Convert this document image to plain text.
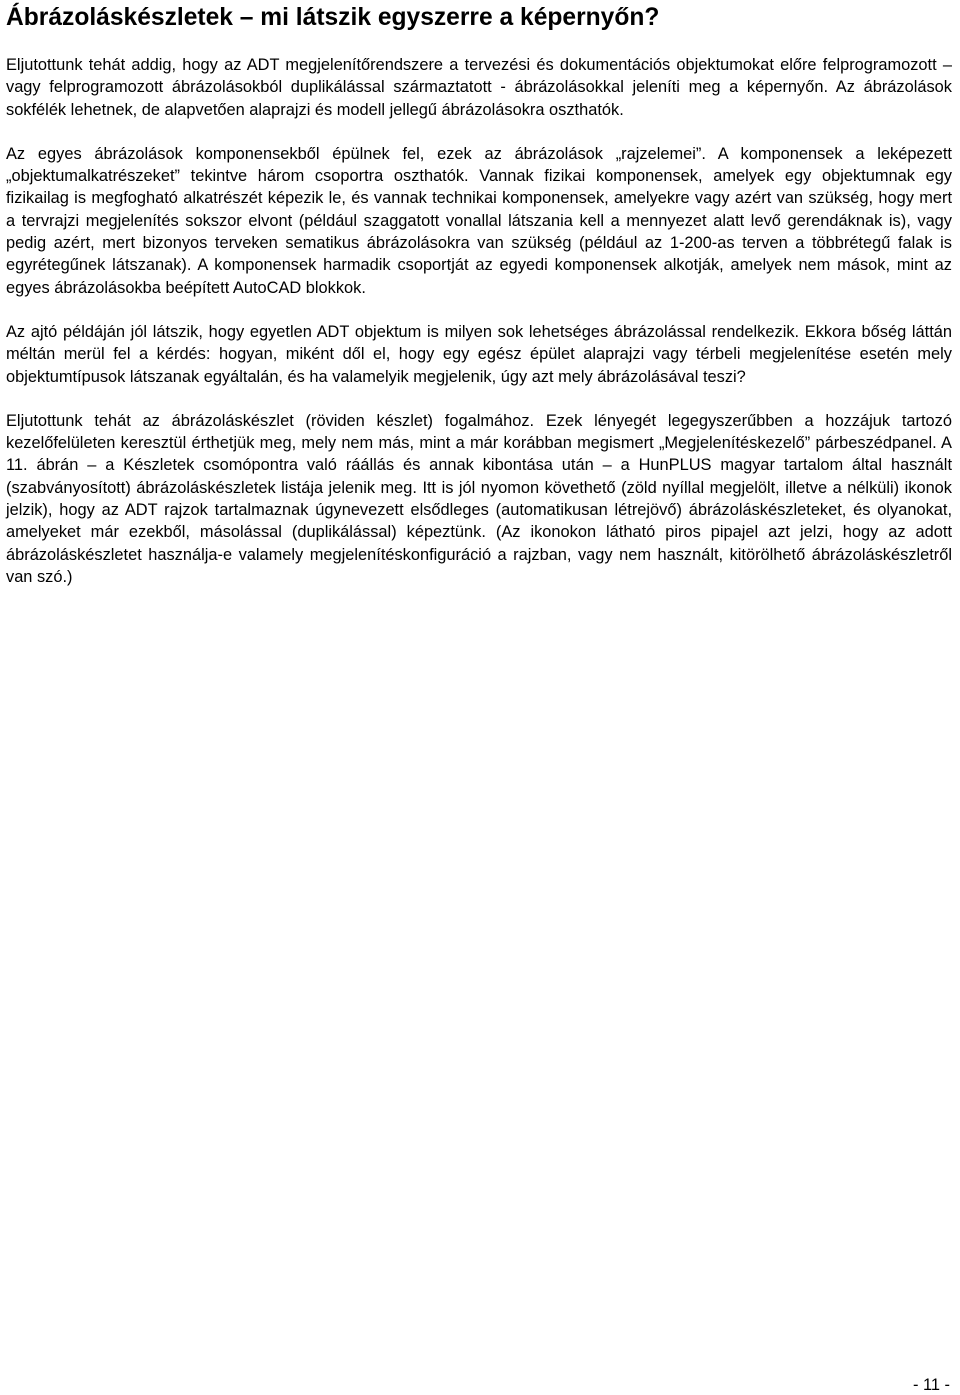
Ábrázoláskészletek – mi látszik egyszerre a képernyőn?

Eljutottunk tehát addig, hogy az ADT megjelenítőrendszere a tervezési és dokumentációs objektumokat előre felprogramozott – vagy felprogramozott ábrázolásokból duplikálással származtatott - ábrázolásokkal jeleníti meg a képernyőn. Az ábrázolások sokfélék lehetnek, de alapvetően alaprajzi és modell jellegű ábrázolásokra oszthatók.

Az egyes ábrázolások komponensekből épülnek fel, ezek az ábrázolások „rajzelemei”. A komponensek a leképezett „objektumalkatrészeket” tekintve három csoportra oszthatók. Vannak fizikai komponensek, amelyek egy objektumnak egy fizikailag is megfogható alkatrészét képezik le, és vannak technikai komponensek, amelyekre vagy azért van szükség, hogy mert a tervrajzi megjelenítés sokszor elvont (például szaggatott vonallal látszania kell a mennyezet alatt levő gerendáknak is), vagy pedig azért, mert bizonyos terveken sematikus ábrázolásokra van szükség (például az 1-200-as terven a többrétegű falak is egyrétegűnek látszanak). A komponensek harmadik csoportját az egyedi komponensek alkotják, amelyek nem mások, mint az egyes ábrázolásokba beépített AutoCAD blokkok.

Az ajtó példáján jól látszik, hogy egyetlen ADT objektum is milyen sok lehetséges ábrázolással rendelkezik. Ekkora bőség láttán méltán merül fel a kérdés: hogyan, miként dől el, hogy egy egész épület alaprajzi vagy térbeli megjelenítése esetén mely objektumtípusok látszanak egyáltalán, és ha valamelyik megjelenik, úgy azt mely ábrázolásával teszi?

Eljutottunk tehát az ábrázoláskészlet (röviden készlet) fogalmához. Ezek lényegét legegyszerűbben a hozzájuk tartozó kezelőfelületen keresztül érthetjük meg, mely nem más, mint a már korábban megismert „Megjelenítéskezelő” párbeszédpanel. A 11. ábrán – a Készletek csomópontra való ráállás és annak kibontása után – a HunPLUS magyar tartalom által használt (szabványosított) ábrázoláskészletek listája jelenik meg. Itt is jól nyomon követhető (zöld nyíllal megjelölt, illetve a nélküli) ikonok jelzik), hogy az ADT rajzok tartalmaznak úgynevezett elsődleges (automatikusan létrejövő) ábrázoláskészleteket, és olyanokat, amelyeket már ezekből, másolással (duplikálással) képeztünk. (Az ikonokon látható piros pipajel azt jelzi, hogy az adott ábrázoláskészletet használja-e valamely megjelenítéskonfiguráció a rajzban, vagy nem használt, kitörölhető ábrázoláskészletről van szó.)

- 11 -
